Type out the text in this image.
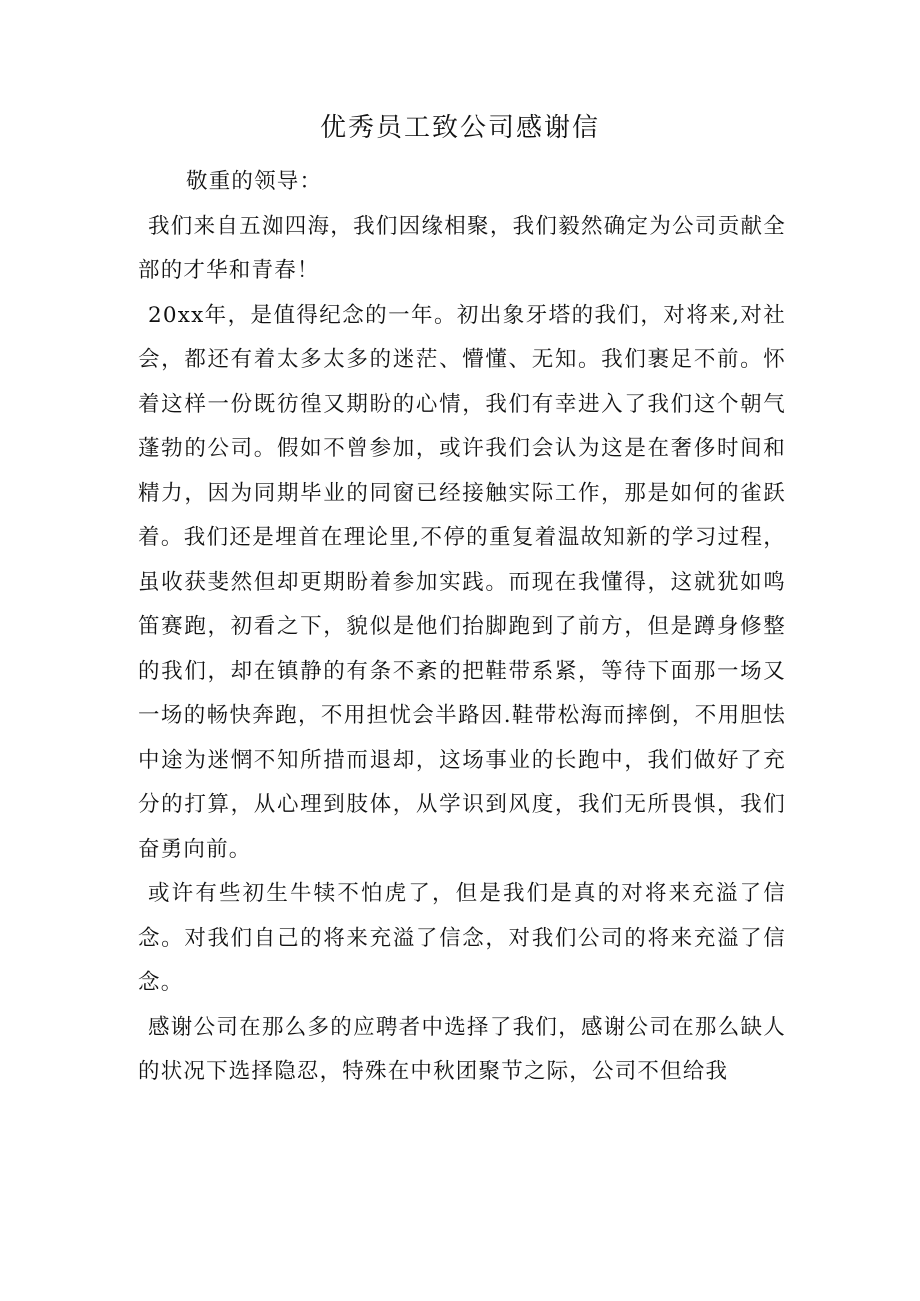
优秀员工致公司感谢信

敬重的领导：

我们来自五洳四海，我们因缘相聚，我们毅然确定为公司贡献全部的才华和青春！

20xx年，是值得纪念的一年。初出象牙塔的我们，对将来,对社会，都还有着太多太多的迷茫、懵懂、无知。我们裹足不前。怀着这样一份既彷徨又期盼的心情，我们有幸进入了我们这个朝气蓬勃的公司。假如不曾参加，或许我们会认为这是在奢侈时间和精力，因为同期毕业的同窗已经接触实际工作，那是如何的雀跃着。我们还是埋首在理论里,不停的重复着温故知新的学习过程，虽收获斐然但却更期盼着参加实践。而现在我懂得，这就犹如鸣笛赛跑，初看之下，貌似是他们抬脚跑到了前方，但是蹲身修整的我们，却在镇静的有条不紊的把鞋带系紧，等待下面那一场又一场的畅快奔跑，不用担忧会半路因.鞋带松海而摔倒，不用胆怯中途为迷惘不知所措而退却，这场事业的长跑中，我们做好了充分的打算，从心理到肢体，从学识到风度，我们无所畏惧，我们奋勇向前。

或许有些初生牛犊不怕虎了，但是我们是真的对将来充溢了信念。对我们自己的将来充溢了信念，对我们公司的将来充溢了信念。

感谢公司在那么多的应聘者中选择了我们，感谢公司在那么缺人的状况下选择隐忍，特殊在中秋团聚节之际，公司不但给我
